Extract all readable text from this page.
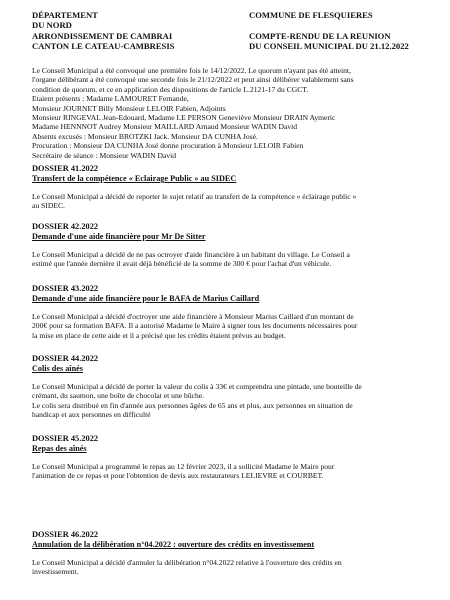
DÉPARTEMENT
DU NORD
ARRONDISSEMENT DE CAMBRAI
CANTON LE CATEAU-CAMBRESIS
COMMUNE DE FLESQUIERES
COMPTE-RENDU DE LA REUNION
DU CONSEIL MUNICIPAL DU 21.12.2022
Le Conseil Municipal a été convoqué une première fois le 14/12/2022. Le quorum n'ayant pas été atteint,
l'organe délibérant a été convoqué une seconde fois le 21/12/2022 et peut ainsi délibérer valablement sans
condition de quorum, et ce en application des dispositions de l'article L.2121-17 du CGCT.
Etaient présents : Madame LAMOURET Fernande,
Monsieur JOURNET Billy Monsieur LELOIR Fabien, Adjoints
Monsieur RINGEVAL Jean-Edouard, Madame LE PERSON Geneviève Monsieur DRAIN Aymeric
Madame HENNNOT Audrey Monsieur MAILLARD Arnaud Monsieur WADIN David
Absents excusés : Monsieur BROTZKI Jack. Monsieur DA CUNHA José.
Procuration : Monsieur DA CUNHA José donne procuration à Monsieur LELOIR Fabien
Secrétaire de séance : Monsieur WADIN David
DOSSIER 41.2022
Transfert de la compétence « Eclairage Public » au SIDEC
Le Conseil Municipal a décidé de reporter le sujet relatif au transfert de la compétence « éclairage public »
au SIDEC.
DOSSIER 42.2022
Demande d'une aide financière pour Mr De Sitter
Le Conseil Municipal a décidé de ne pas octroyer d'aide financière à un habitant du village. Le Conseil a
estimé que l'année dernière il avait déjà bénéficié de la somme de 300 € pour l'achat d'un véhicule.
DOSSIER 43.2022
Demande d'une aide financière pour le BAFA de Marius Caillard
Le Conseil Municipal a décidé d'octroyer une aide financière à Monsieur Marius Caillard d'un montant de
200€ pour sa formation BAFA. Il a autorisé Madame le Maire à signer tous les documents nécessaires pour
la mise en place de cette aide et il a précisé que les crédits étaient prévus au budget.
DOSSIER 44.2022
Colis des aînés
Le Conseil Municipal a décidé de porter la valeur du colis à 33€ et comprendra une pintade, une bouteille de
crémant, du saumon, une boîte de chocolat et une bûche.
Le colis sera distribué en fin d'année aux personnes âgées de 65 ans et plus, aux personnes en situation de
handicap et aux personnes en difficulté
DOSSIER 45.2022
Repas des aînés
Le Conseil Municipal a programmé le repas au 12 février 2023, il a sollicité Madame le Maire pour
l'animation de ce repas et pour l'obtention de devis aux restaurateurs LELIEVRE et COURBET.
DOSSIER 46.2022
Annulation de la délibération n°04.2022 : ouverture des crédits en investissement
Le Conseil Municipal a décidé d'annuler la délibération n°04.2022 relative à l'ouverture des crédits en
investissement.
